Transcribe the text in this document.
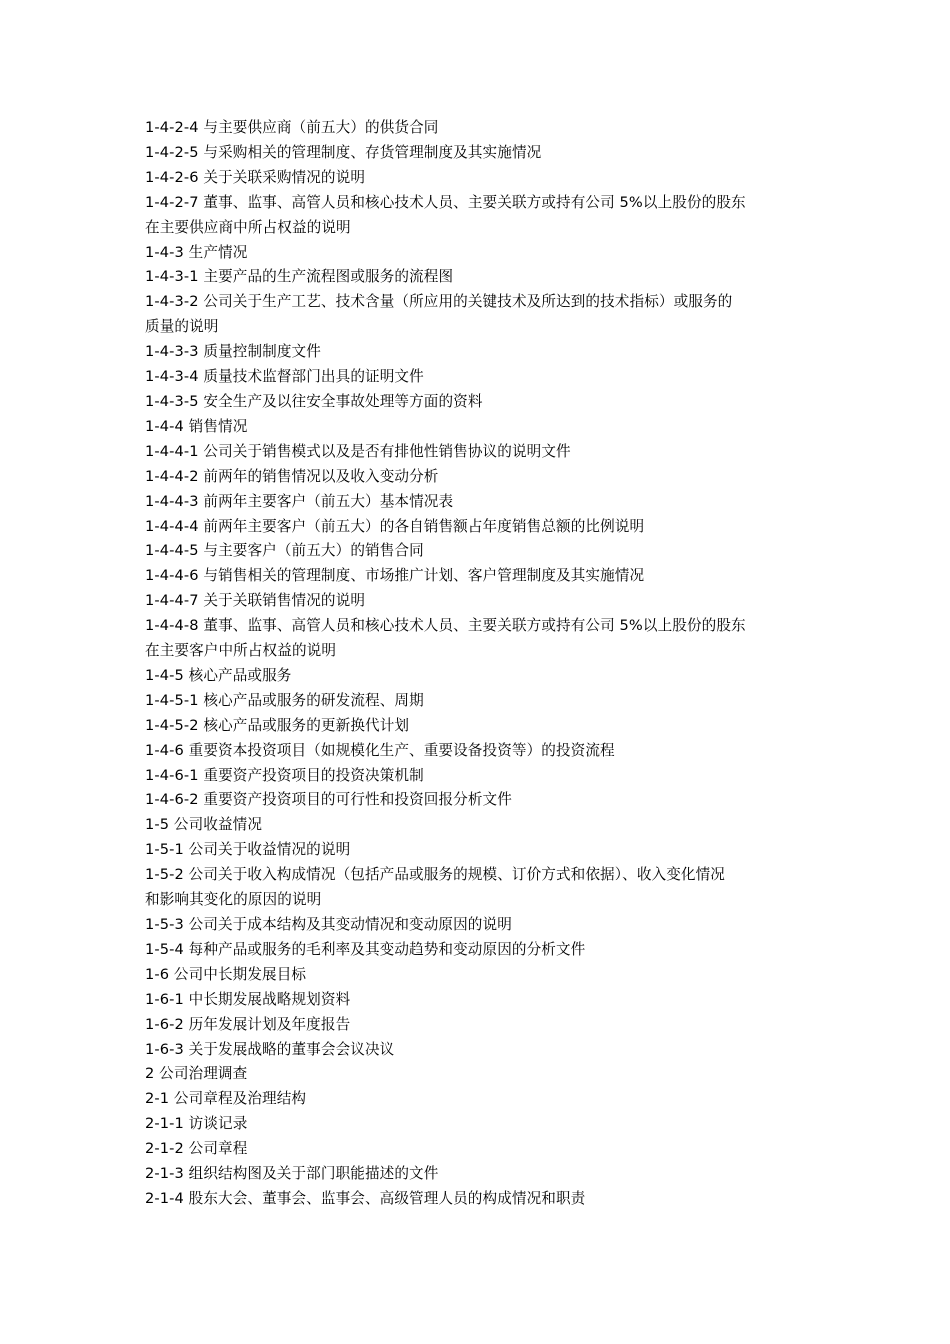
1-4-2-4 与主要供应商（前五大）的供货合同
1-4-2-5 与采购相关的管理制度、存货管理制度及其实施情况
1-4-2-6 关于关联采购情况的说明
1-4-2-7 董事、监事、高管人员和核心技术人员、主要关联方或持有公司 5%以上股份的股东
在主要供应商中所占权益的说明
1-4-3 生产情况
1-4-3-1 主要产品的生产流程图或服务的流程图
1-4-3-2 公司关于生产工艺、技术含量（所应用的关键技术及所达到的技术指标）或服务的
质量的说明
1-4-3-3 质量控制制度文件
1-4-3-4 质量技术监督部门出具的证明文件
1-4-3-5 安全生产及以往安全事故处理等方面的资料
1-4-4 销售情况
1-4-4-1 公司关于销售模式以及是否有排他性销售协议的说明文件
1-4-4-2 前两年的销售情况以及收入变动分析
1-4-4-3 前两年主要客户（前五大）基本情况表
1-4-4-4 前两年主要客户（前五大）的各自销售额占年度销售总额的比例说明
1-4-4-5 与主要客户（前五大）的销售合同
1-4-4-6 与销售相关的管理制度、市场推广计划、客户管理制度及其实施情况
1-4-4-7 关于关联销售情况的说明
1-4-4-8 董事、监事、高管人员和核心技术人员、主要关联方或持有公司 5%以上股份的股东
在主要客户中所占权益的说明
1-4-5 核心产品或服务
1-4-5-1 核心产品或服务的研发流程、周期
1-4-5-2 核心产品或服务的更新换代计划
1-4-6 重要资本投资项目（如规模化生产、重要设备投资等）的投资流程
1-4-6-1 重要资产投资项目的投资决策机制
1-4-6-2 重要资产投资项目的可行性和投资回报分析文件
1-5 公司收益情况
1-5-1 公司关于收益情况的说明
1-5-2 公司关于收入构成情况（包括产品或服务的规模、订价方式和依据）、收入变化情况
和影响其变化的原因的说明
1-5-3 公司关于成本结构及其变动情况和变动原因的说明
1-5-4 每种产品或服务的毛利率及其变动趋势和变动原因的分析文件
1-6 公司中长期发展目标
1-6-1 中长期发展战略规划资料
1-6-2 历年发展计划及年度报告
1-6-3 关于发展战略的董事会会议决议
2 公司治理调查
2-1 公司章程及治理结构
2-1-1 访谈记录
2-1-2 公司章程
2-1-3 组织结构图及关于部门职能描述的文件
2-1-4 股东大会、董事会、监事会、高级管理人员的构成情况和职责
